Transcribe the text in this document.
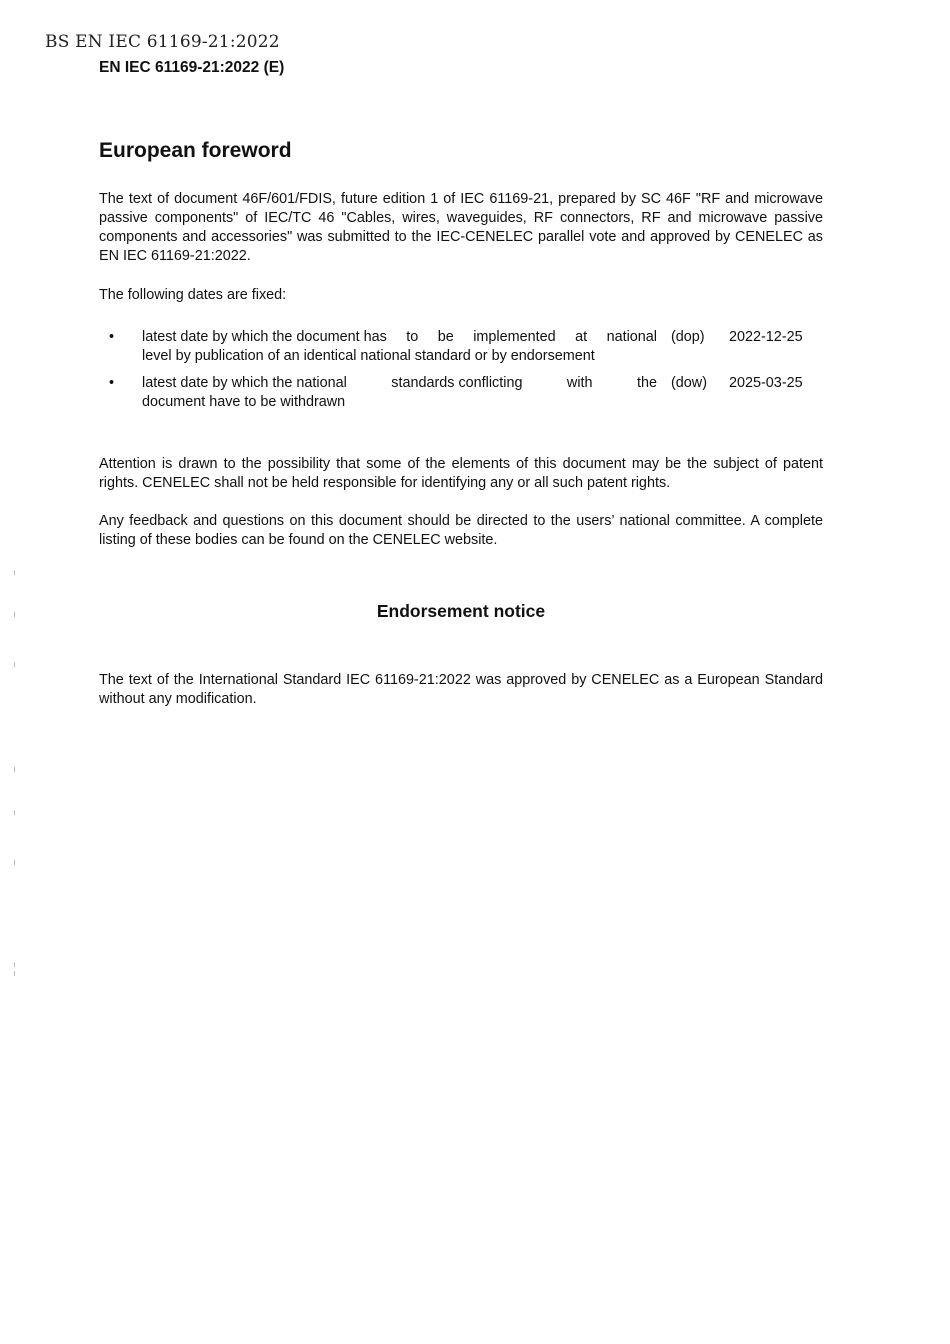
BS EN IEC 61169-21:2022
EN IEC 61169-21:2022 (E)
European foreword

The text of document 46F/601/FDIS, future edition 1 of IEC 61169-21, prepared by SC 46F "RF and microwave passive components" of IEC/TC 46 "Cables, wires, waveguides, RF connectors, RF and microwave passive components and accessories" was submitted to the IEC-CENELEC parallel vote and approved by CENELEC as EN IEC 61169-21:2022.

The following dates are fixed:

• latest date by which the document has to be implemented at national
level by publication of an identical national standard or by endorsement
(dop) 2022-12-25
• latest date by which the national	standards conflicting	with	the
document have to be withdrawn
(dow) 2025-03-25

Attention is drawn to the possibility that some of the elements of this document may be the subject of patent rights. CENELEC shall not be held responsible for identifying any or all such patent rights.

Any feedback and questions on this document should be directed to the users’ national committee. A complete listing of these bodies can be found on the CENELEC website.

Endorsement notice

The text of the International Standard IEC 61169-21:2022 was approved by CENELEC as a European Standard without any modification.
